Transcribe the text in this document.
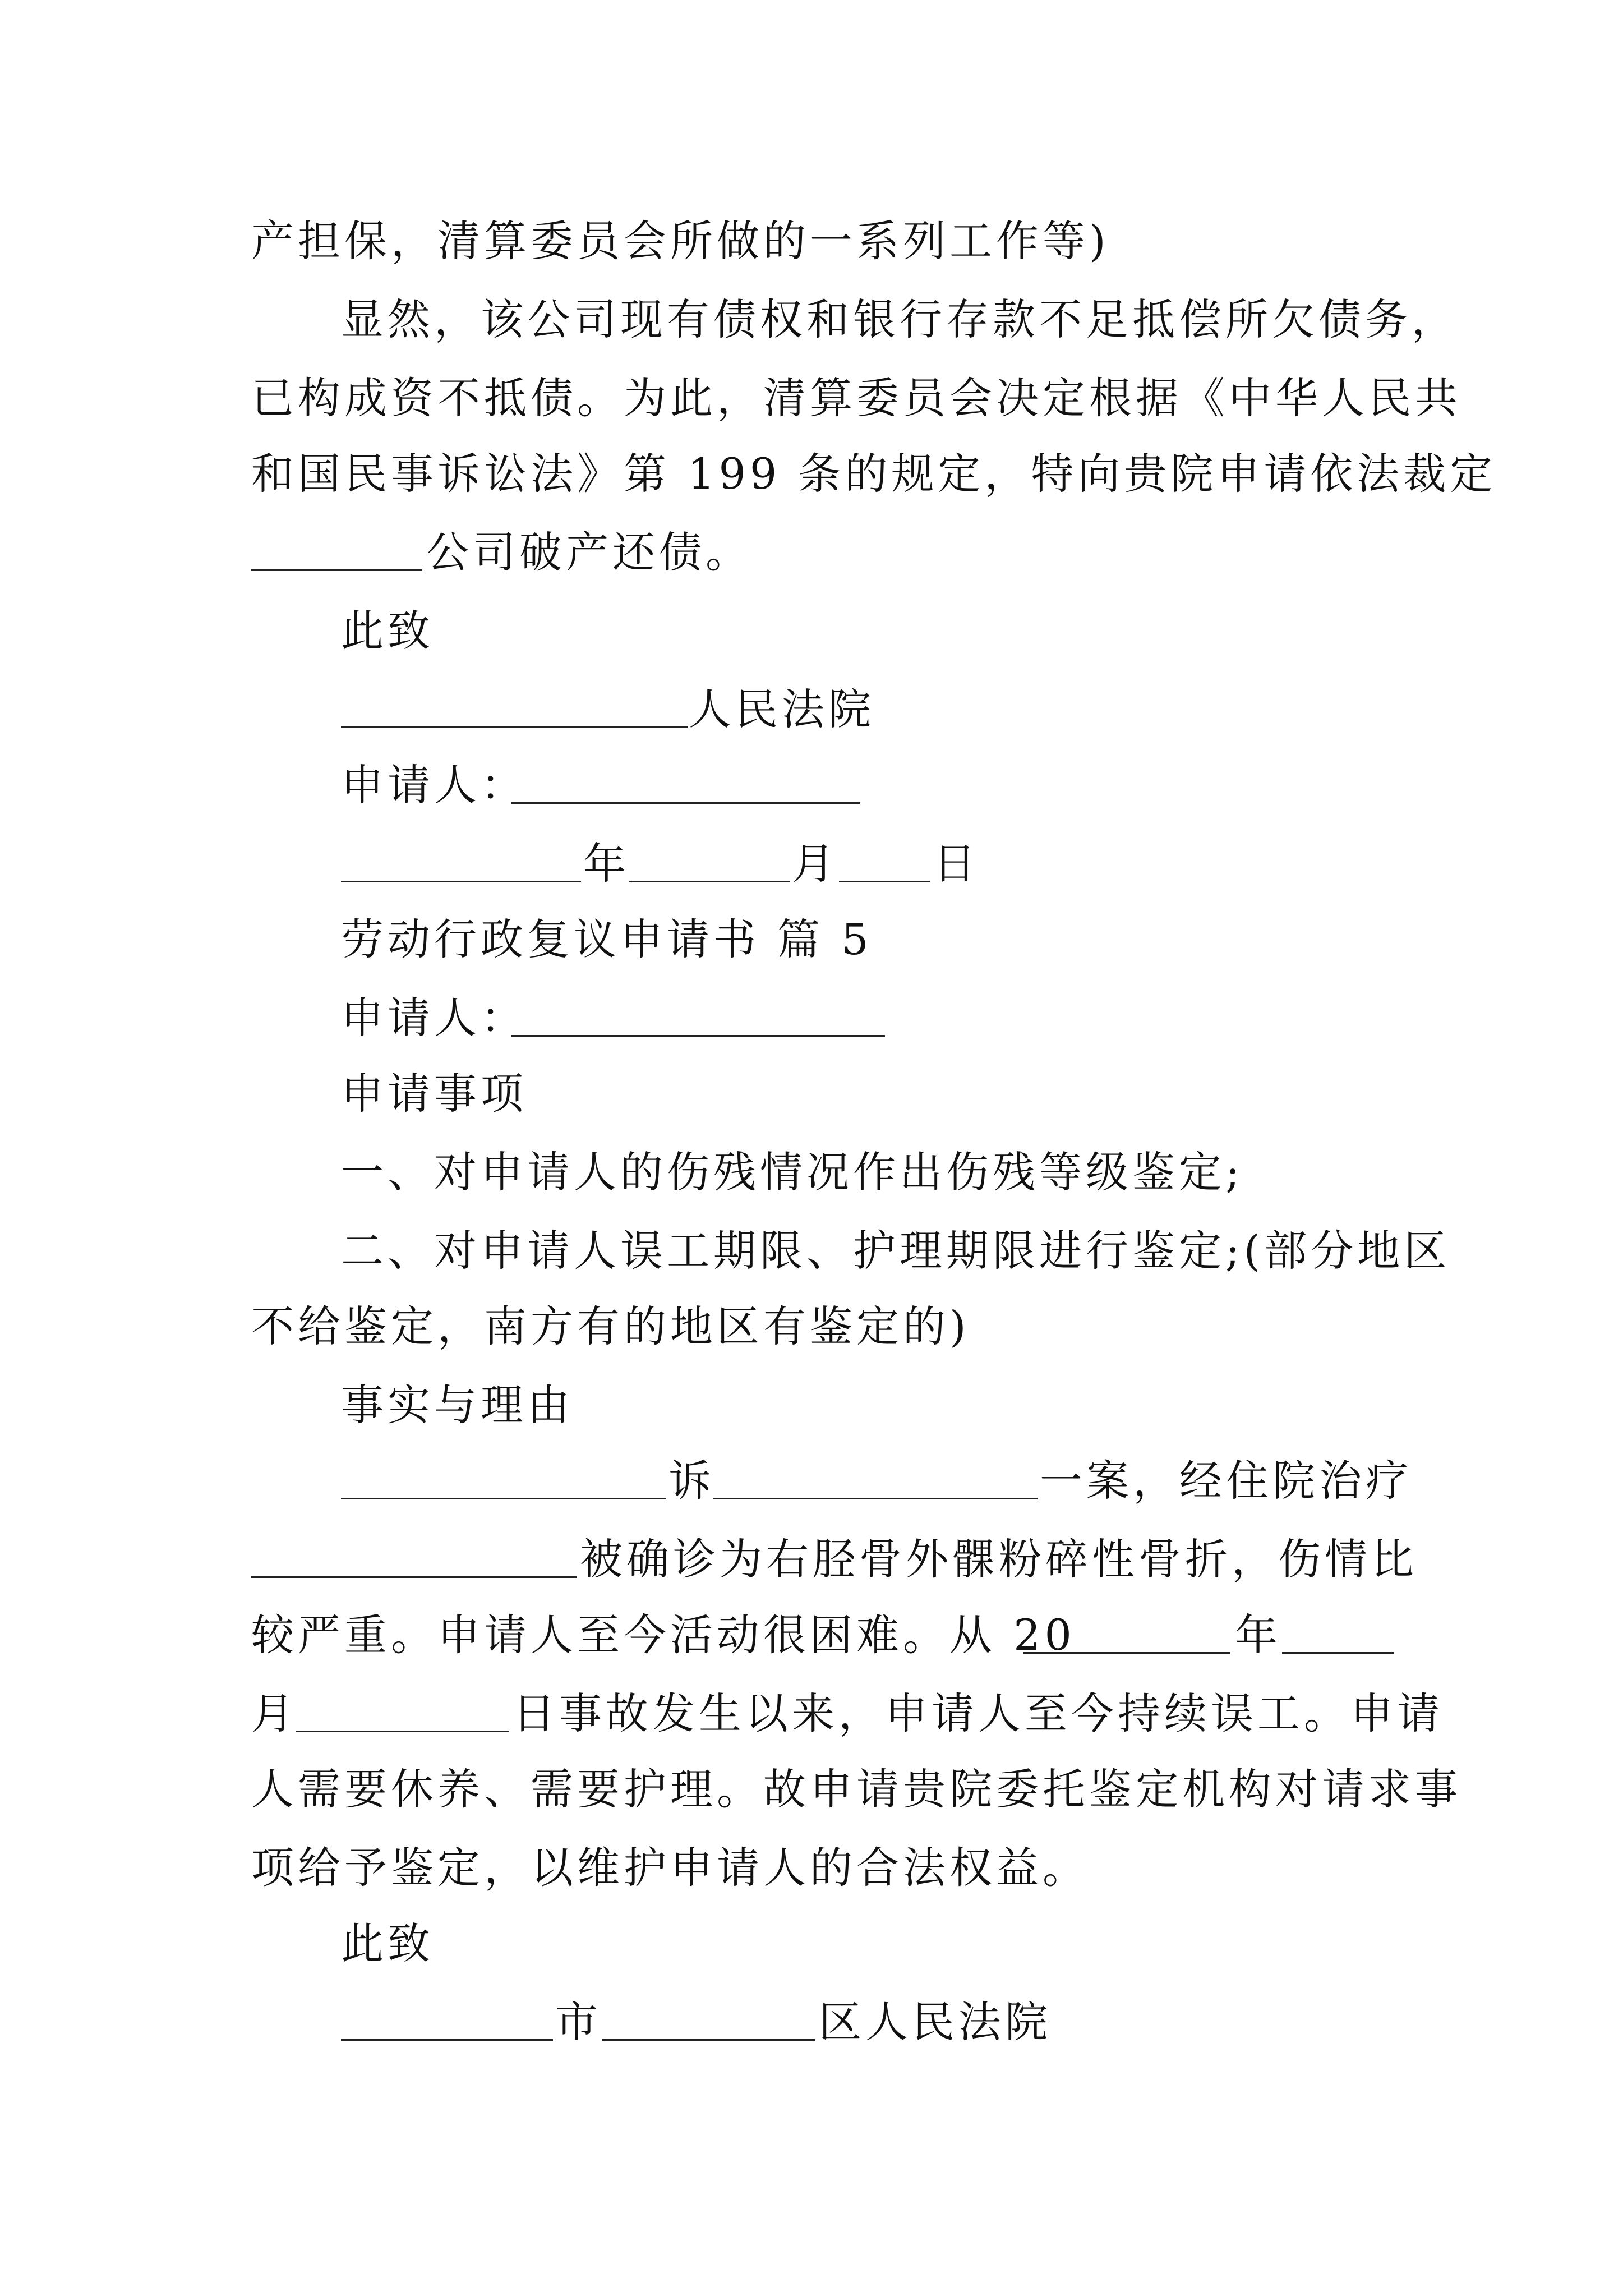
产担保，清算委员会所做的一系列工作等)
显然，该公司现有债权和银行存款不足抵偿所欠债务，
已构成资不抵债。为此，清算委员会决定根据《中华人民共
和国民事诉讼法》第 199 条的规定，特向贵院申请依法裁定
公司破产还债。
此致
人民法院
申请人：
年	月 日
劳动行政复议申请书 篇 5
申请人：
申请事项
一、对申请人的伤残情况作出伤残等级鉴定;
二、对申请人误工期限、护理期限进行鉴定;(部分地区
不给鉴定，南方有的地区有鉴定的)
事实与理由
诉	一案，经住院治疗
被确诊为右胫骨外髁粉碎性骨折，伤情比
较严重。申请人至今活动很困难。从 20	年
月	日事故发生以来，申请人至今持续误工。申请
人需要休养、需要护理。故申请贵院委托鉴定机构对请求事
项给予鉴定，以维护申请人的合法权益。
此致
市	区人民法院
